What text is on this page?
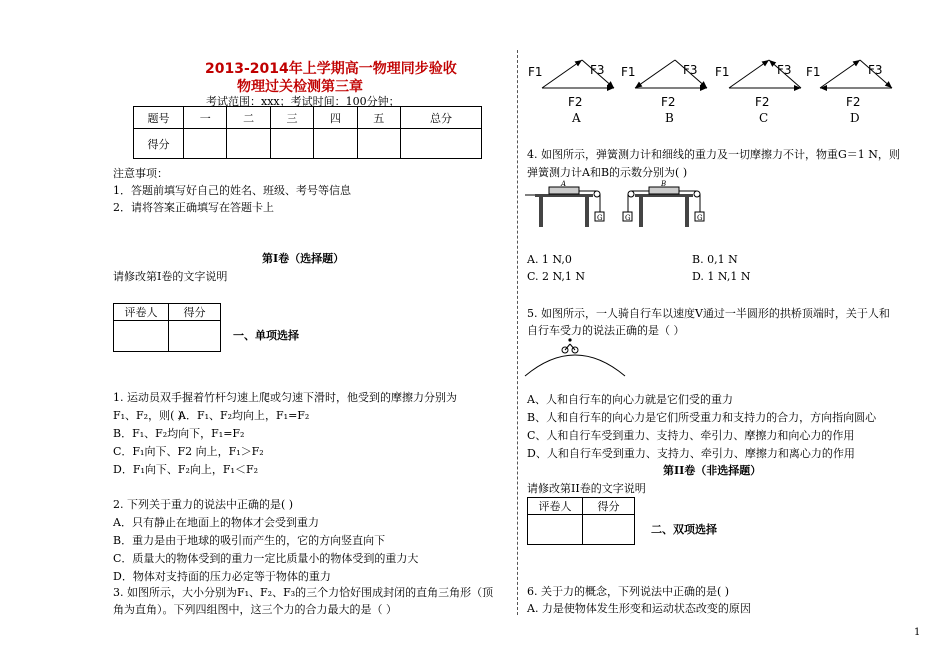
2013-2014年上学期高一物理同步验收
物理过关检测第三章
考试范围：xxx；考试时间：100分钟；
题号	一	二	三	四	五	总分
得分						
注意事项：
1．答题前填写好自己的姓名、班级、考号等信息
2．请将答案正确填写在答题卡上
第Ⅰ卷（选择题）
请修改第I卷的文字说明
评卷人	得分

一、单项选择
1. 运动员双手握着竹杆匀速上爬或匀速下滑时，他受到的摩擦力分别为
F₁、F₂，则( )
A．F₁、F₂均向上，F₁=F₂
B．F₁、F₂均向下，F₁=F₂
C．F₁向下、F2 向上，F₁＞F₂
D．F₁向下、F₂向上，F₁＜F₂
2. 下列关于重力的说法中正确的是( )
A．只有静止在地面上的物体才会受到重力
B．重力是由于地球的吸引而产生的，它的方向竖直向下
C．质量大的物体受到的重力一定比质量小的物体受到的重力大
D．物体对支持面的压力必定等于物体的重力
3. 如图所示，大小分别为F₁、F₂、F₃的三个力恰好围成封闭的直角三角形（顶
角为直角）。下列四组图中，这三个力的合力最大的是（ ）
F1	F3
F2
A
F1	F3
F2
B
F1	F3
F2
C
F1	F3
F2
D
4. 如图所示，弹簧测力计和细线的重力及一切摩擦力不计，物重G＝1 N，则
弹簧测力计A和B的示数分别为( )
G
A
G
B
G
A. 1 N,0	B. 0,1 N
C. 2 N,1 N	D. 1 N,1 N
5. 如图所示，一人骑自行车以速度V通过一半圆形的拱桥顶端时，关于人和
自行车受力的说法正确的是（ ）
A、人和自行车的向心力就是它们受的重力
B、人和自行车的向心力是它们所受重力和支持力的合力，方向指向圆心
C、人和自行车受到重力、支持力、牵引力、摩擦力和向心力的作用
D、人和自行车受到重力、支持力、牵引力、摩擦力和离心力的作用
第II卷（非选择题）
请修改第II卷的文字说明
评卷人	得分

二、双项选择
6. 关于力的概念，下列说法中正确的是( )
A. 力是使物体发生形变和运动状态改变的原因
1
